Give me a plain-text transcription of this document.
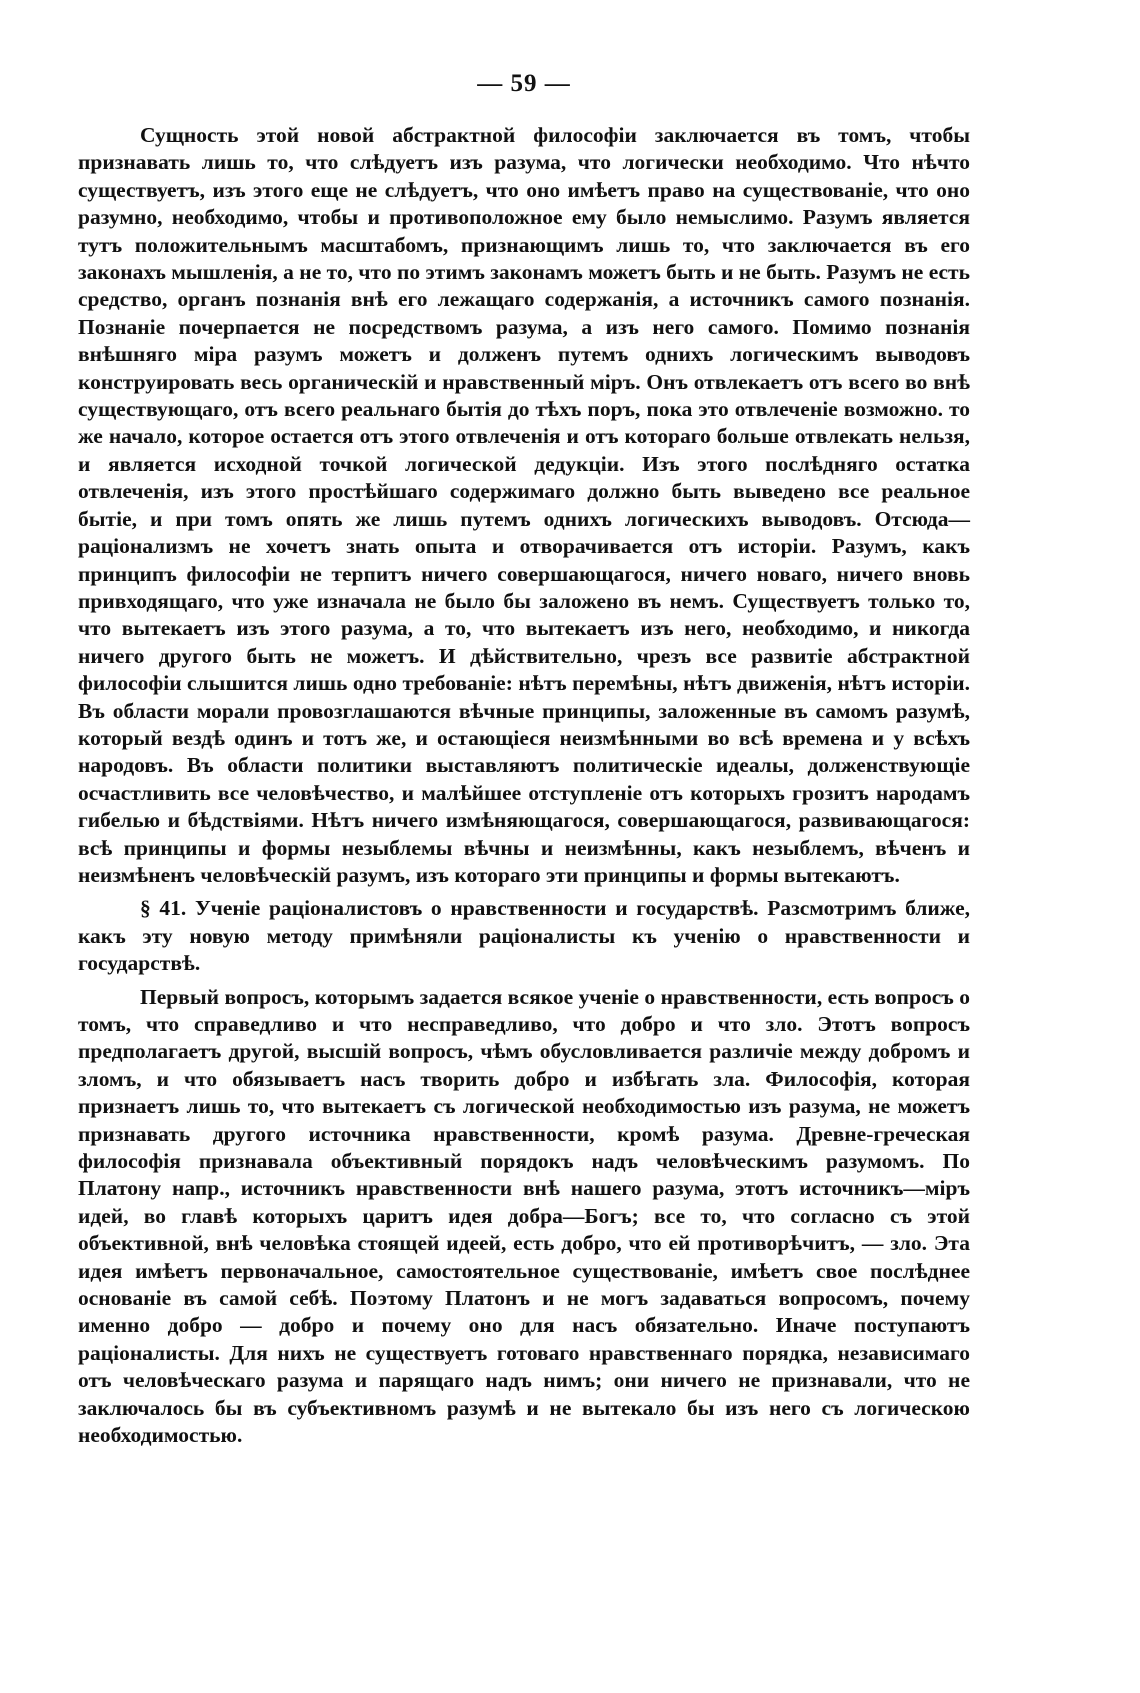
— 59 —

Сущность этой новой абстрактной философіи заключается въ томъ, чтобы признавать лишь то, что слѣдуетъ изъ разума, что логически необходимо. Что нѣчто существуетъ, изъ этого еще не слѣдуетъ, что оно имѣетъ право на существованіе, что оно разумно, необходимо, чтобы и противоположное ему было немыслимо. Разумъ является тутъ положительнымъ масштабомъ, признающимъ лишь то, что заключается въ его законахъ мышленія, а не то, что по этимъ законамъ можетъ быть и не быть. Разумъ не есть средство, органъ познанія внѣ его лежащаго содержанія, а источникъ самого познанія. Познаніе почерпается не посредствомъ разума, а изъ него самого. Помимо познанія внѣшняго міра разумъ можетъ и долженъ путемъ однихъ логическимъ выводовъ конструировать весь органическій и нравственный міръ. Онъ отвлекаетъ отъ всего во внѣ существующаго, отъ всего реальнаго бытія до тѣхъ поръ, пока это отвлеченіе возможно. то же начало, которое остается отъ этого отвлеченія и отъ котораго больше отвлекать нельзя, и является исходной точкой логической дедукціи. Изъ этого послѣдняго остатка отвлеченія, изъ этого простѣйшаго содержимаго должно быть выведено все реальное бытіе, и при томъ опять же лишь путемъ однихъ логическихъ выводовъ. Отсюда—раціонализмъ не хочетъ знать опыта и отворачивается отъ исторіи. Разумъ, какъ принципъ философіи не терпитъ ничего совершающагося, ничего новаго, ничего вновь привходящаго, что уже изначала не было бы заложено въ немъ. Существуетъ только то, что вытекаетъ изъ этого разума, а то, что вытекаетъ изъ него, необходимо, и никогда ничего другого быть не можетъ. И дѣйствительно, чрезъ все развитіе абстрактной философіи слышится лишь одно требованіе: нѣтъ перемѣны, нѣтъ движенія, нѣтъ исторіи. Въ области морали провозглашаются вѣчные принципы, заложенные въ самомъ разумѣ, который вездѣ одинъ и тотъ же, и остающіеся неизмѣнными во всѣ времена и у всѣхъ народовъ. Въ области политики выставляютъ политическіе идеалы, долженствующіе осчастливить все человѣчество, и малѣйшее отступленіе отъ которыхъ грозитъ народамъ гибелью и бѣдствіями. Нѣтъ ничего измѣняющагося, совершающагося, развивающагося: всѣ принципы и формы незыблемы вѣчны и неизмѣнны, какъ незыблемъ, вѣченъ и неизмѣненъ человѣческій разумъ, изъ котораго эти принципы и формы вытекаютъ.

§ 41. Ученіе раціоналистовъ о нравственности и государствѣ. Разсмотримъ ближе, какъ эту новую методу примѣняли раціоналисты къ ученію о нравственности и государствѣ.

Первый вопросъ, которымъ задается всякое ученіе о нравственности, есть вопросъ о томъ, что справедливо и что несправедливо, что добро и что зло. Этотъ вопросъ предполагаетъ другой, высшій вопросъ, чѣмъ обусловливается различіе между добромъ и зломъ, и что обязываетъ насъ творить добро и избѣгать зла. Философія, которая признаетъ лишь то, что вытекаетъ съ логической необходимостью изъ разума, не можетъ признавать другого источника нравственности, кромѣ разума. Древне-греческая философія признавала объективный порядокъ надъ человѣческимъ разумомъ. По Платону напр., источникъ нравственности внѣ нашего разума, этотъ источникъ—міръ идей, во главѣ которыхъ царитъ идея добра—Богъ; все то, что согласно съ этой объективной, внѣ человѣка стоящей идеей, есть добро, что ей противорѣчитъ, — зло. Эта идея имѣетъ первоначальное, самостоятельное существованіе, имѣетъ свое послѣднее основаніе въ самой себѣ. Поэтому Платонъ и не могъ задаваться вопросомъ, почему именно добро — добро и почему оно для насъ обязательно. Иначе поступаютъ раціоналисты. Для нихъ не существуетъ готоваго нравственнаго порядка, независимаго отъ человѣческаго разума и парящаго надъ нимъ; они ничего не признавали, что не заключалось бы въ субъективномъ разумѣ и не вытекало бы изъ него съ логическою необходимостью.
